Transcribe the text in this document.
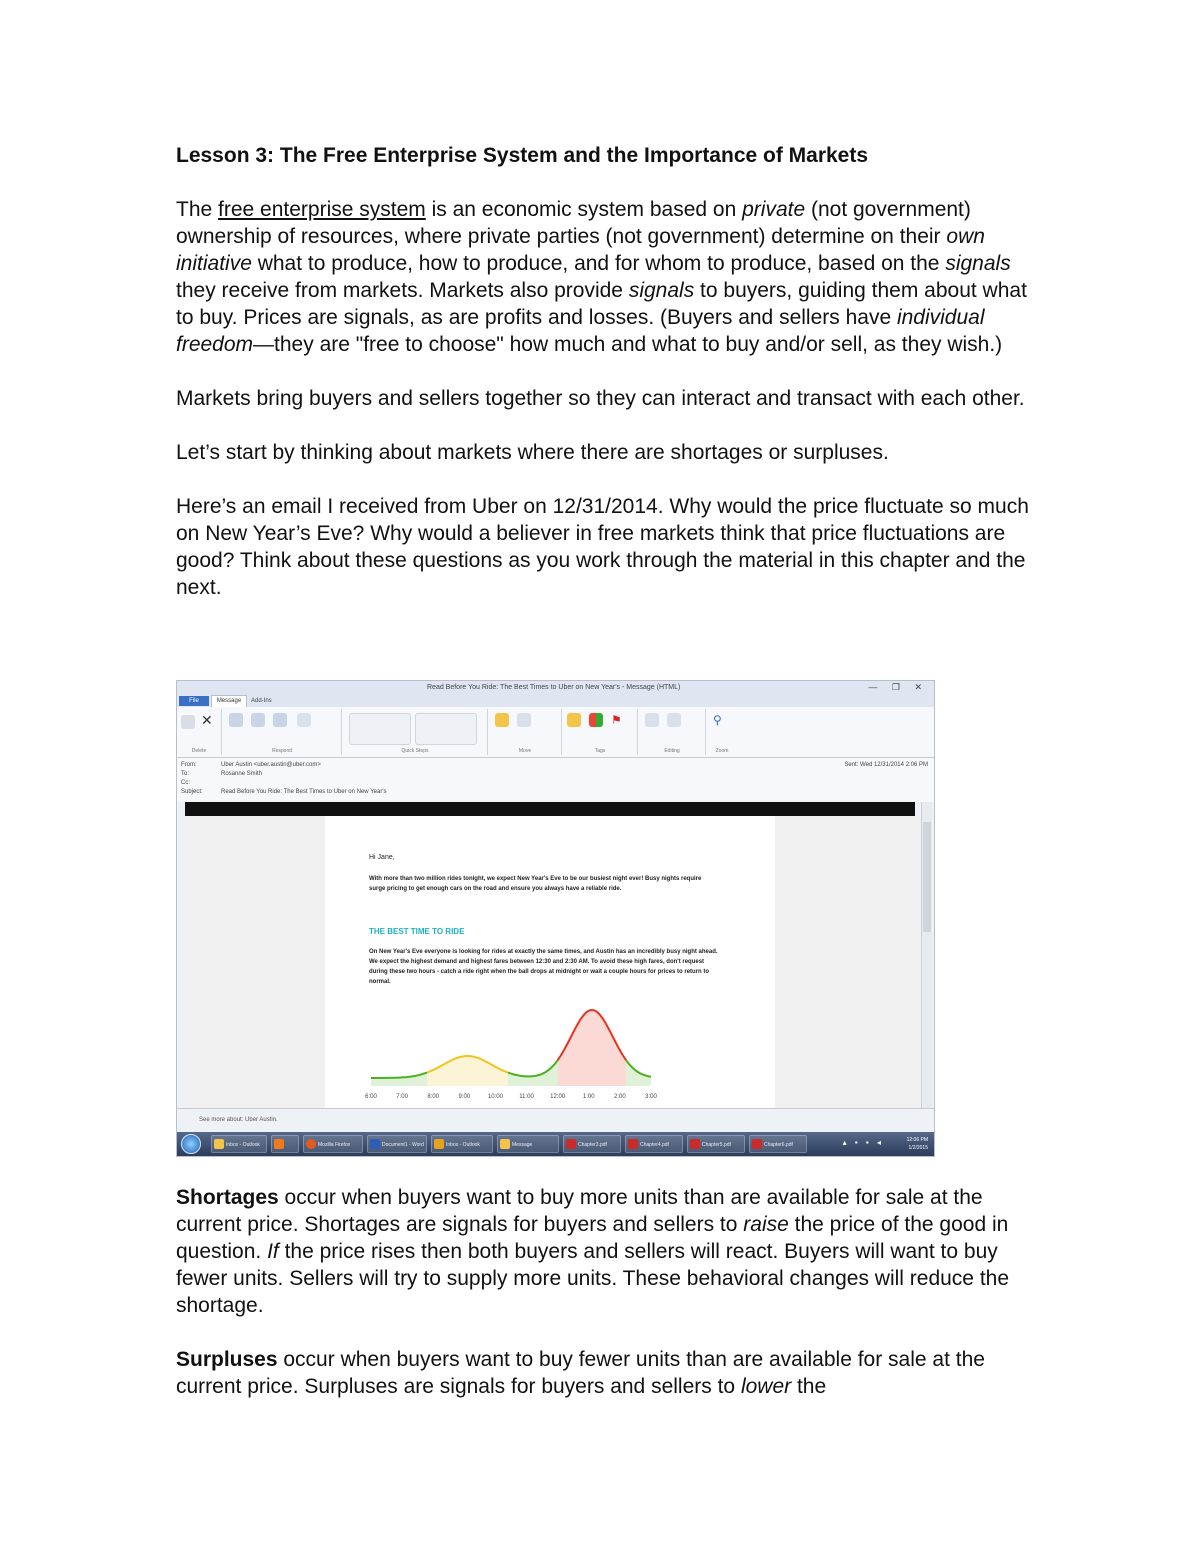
Lesson 3: The Free Enterprise System and the Importance of Markets

The free enterprise system is an economic system based on private (not government) ownership of resources, where private parties (not government) determine on their own initiative what to produce, how to produce, and for whom to produce, based on the signals they receive from markets. Markets also provide signals to buyers, guiding them about what to buy. Prices are signals, as are profits and losses. (Buyers and sellers have individual freedom—they are "free to choose" how much and what to buy and/or sell, as they wish.)

Markets bring buyers and sellers together so they can interact and transact with each other.

Let’s start by thinking about markets where there are shortages or surpluses.

Here’s an email I received from Uber on 12/31/2014. Why would the price fluctuate so much on New Year’s Eve? Why would a believer in free markets think that price fluctuations are good? Think about these questions as you work through the material in this chapter and the next.

Read Before You Ride: The Best Times to Uber on New Year's - Message (HTML)	— ❐ ✕
File	Message	Add-Ins
✕
Delete	Respond	Quick Steps	Move
⚑
Tags	Editing
⚲
Zoom
From:	Uber Austin <uber.austin@uber.com>
To:	Rosanne Smith
Cc:
Subject:	Read Before You Ride: The Best Times to Uber on New Year's
Sent: Wed 12/31/2014 2:06 PM
Hi Jane,
With more than two million rides tonight, we expect New Year's Eve to be our busiest night ever! Busy nights require surge pricing to get enough cars on the road and ensure you always have a reliable ride.
THE BEST TIME TO RIDE
On New Year's Eve everyone is looking for rides at exactly the same times, and Austin has an incredibly busy night ahead. We expect the highest demand and highest fares between 12:30 and 2:30 AM. To avoid these high fares, don't request during these two hours - catch a ride right when the ball drops at midnight or wait a couple hours for prices to return to normal.
6:00	7:00	8:00	9:00	10:00	11:00	12:00	1:00	2:00	3:00
See more about: Uber Austin.
Inbox - Outlook	Mozilla Firefox	Document1 - Word	Inbox - Outlook	Message	Chapter3.pdf	Chapter4.pdf	Chapter5.pdf	Chapter6.pdf	▴ ▪ ▪ ◂	12:06 PM
1/2/2015

Shortages occur when buyers want to buy more units than are available for sale at the current price. Shortages are signals for buyers and sellers to raise the price of the good in question. If the price rises then both buyers and sellers will react. Buyers will want to buy fewer units. Sellers will try to supply more units. These behavioral changes will reduce the shortage.

Surpluses occur when buyers want to buy fewer units than are available for sale at the current price. Surpluses are signals for buyers and sellers to lower the
